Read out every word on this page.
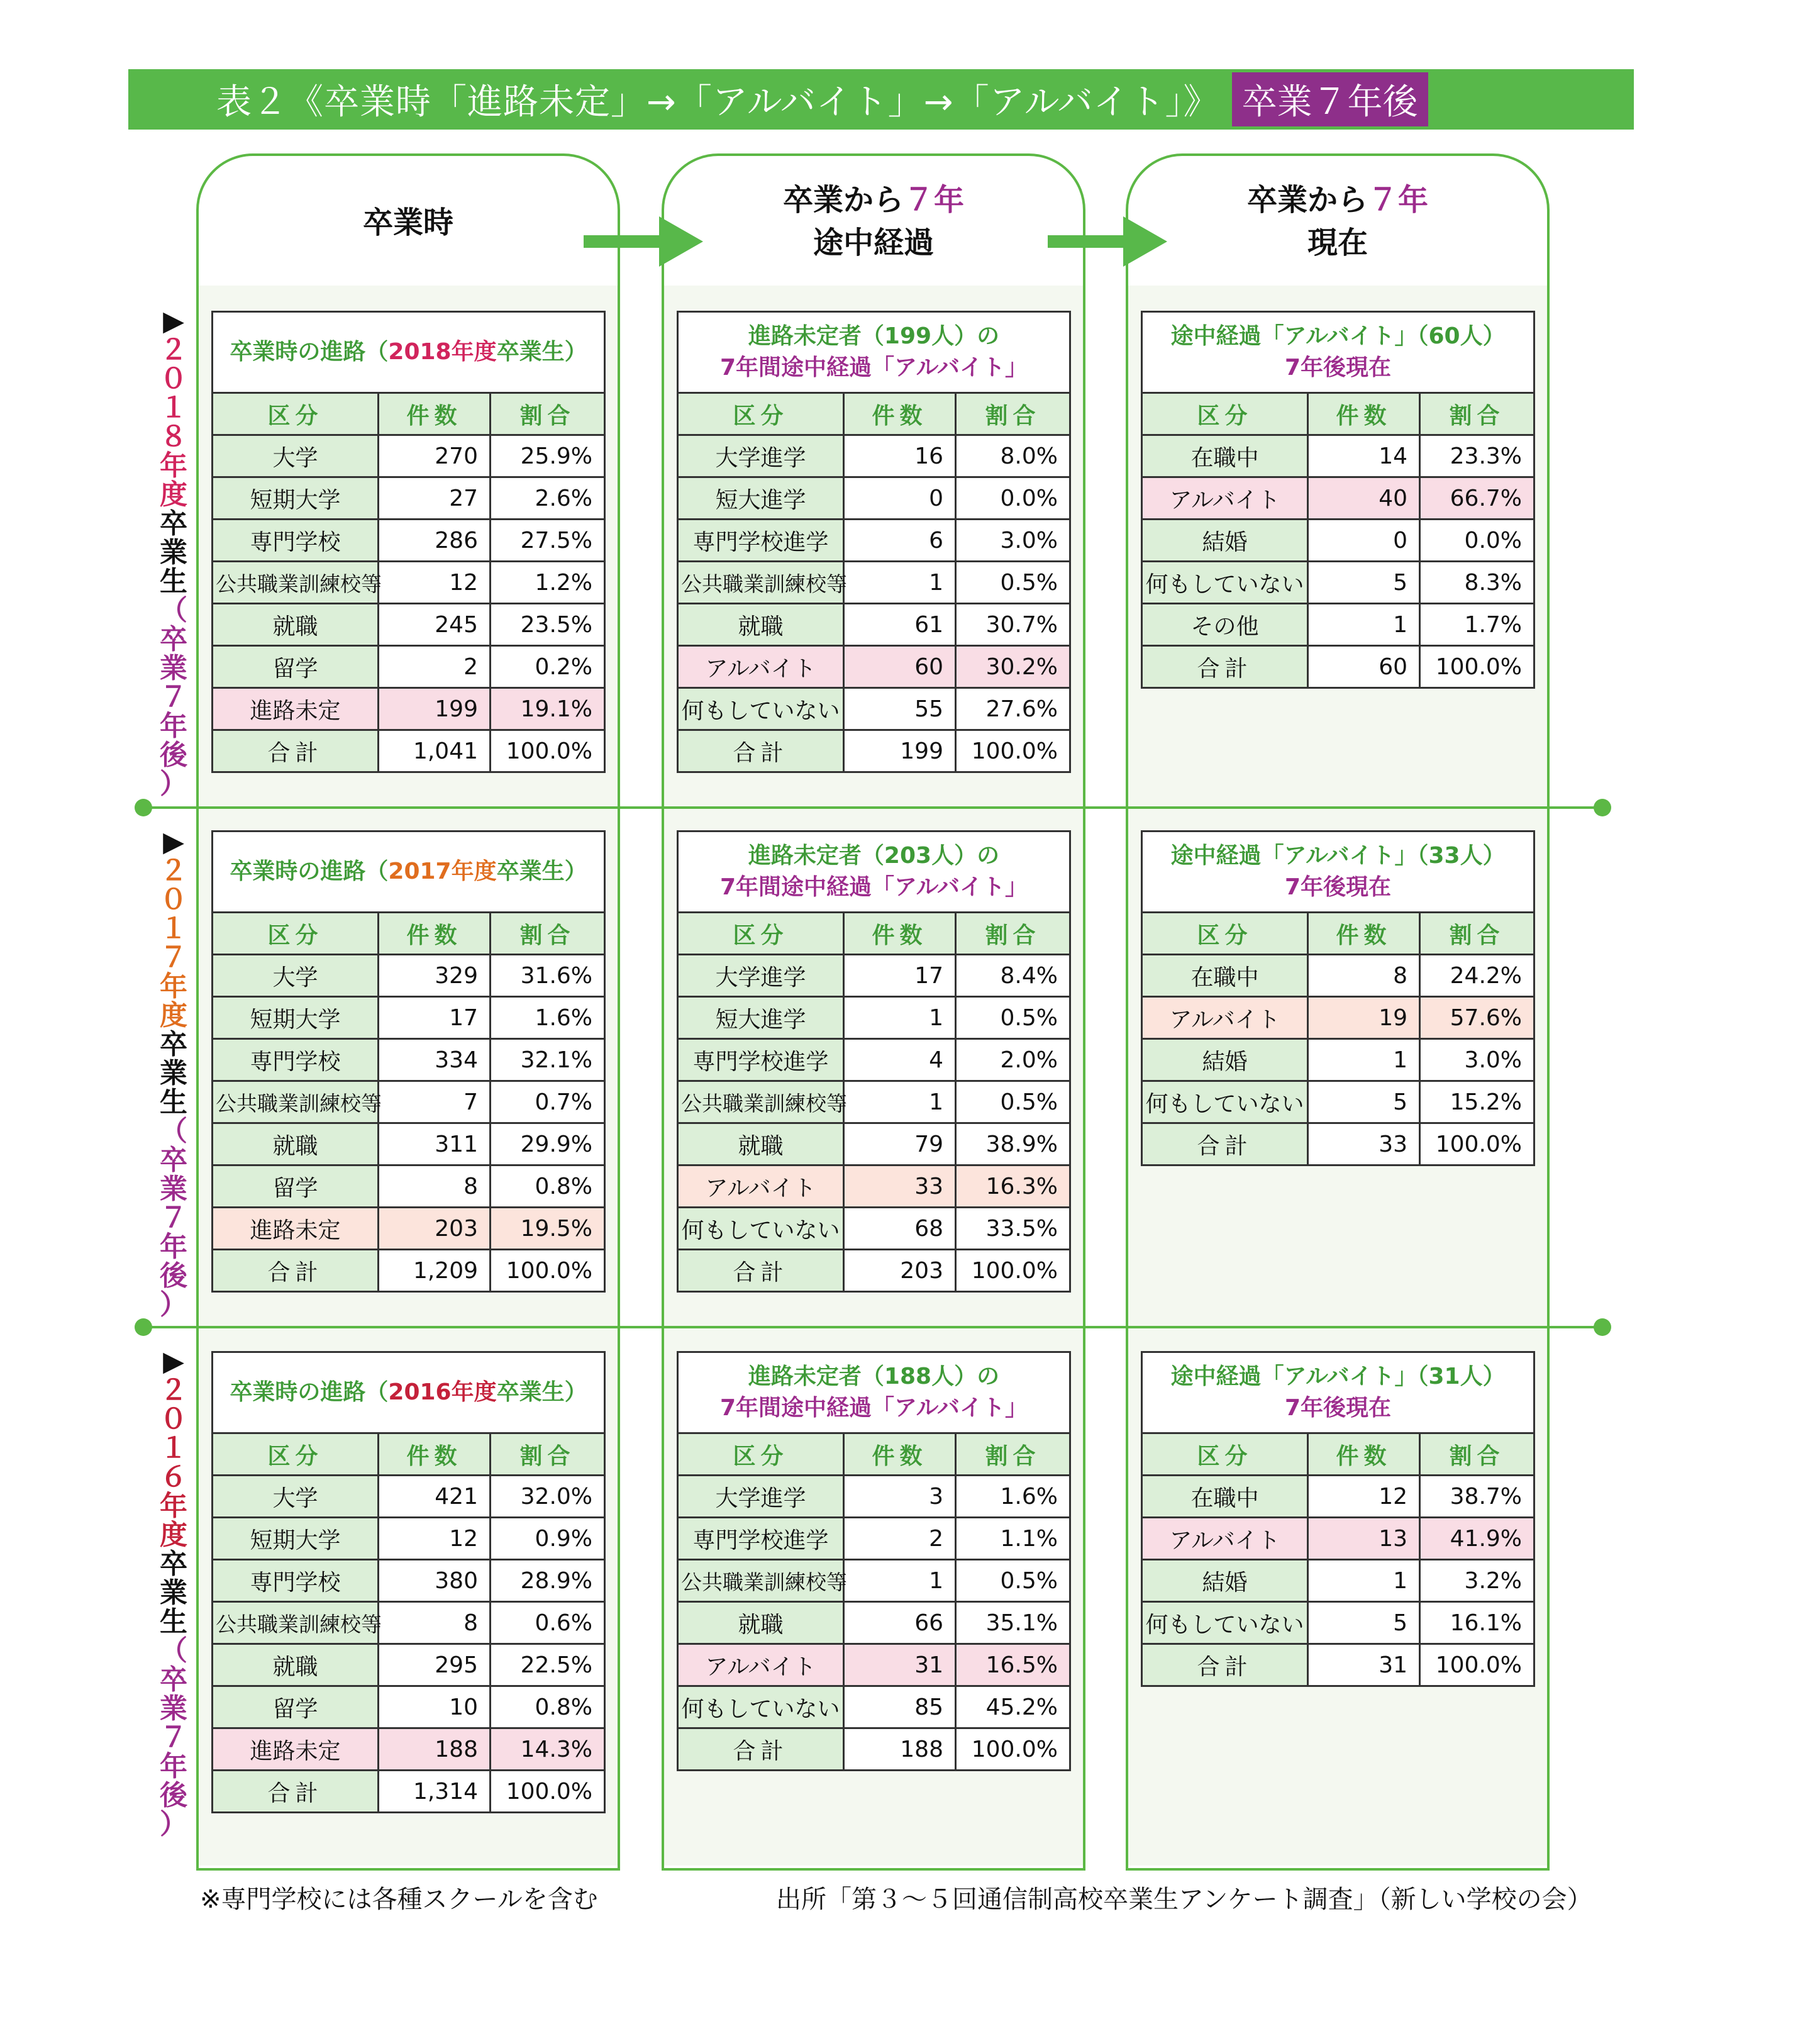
表２《卒業時「進路未定」→「アルバイト」→「アルバイト」》 卒業７年後
卒業時
卒業から７年
途中経過
卒業から７年
現在
▶
２
０
１
８
年
度
卒
業
生
（
卒
業
７
年
後
）
▶
２
０
１
７
年
度
卒
業
生
（
卒
業
７
年
後
）
▶
２
０
１
６
年
度
卒
業
生
（
卒
業
７
年
後
）
卒業時の進路（2018年度卒業生）		
区分	件数	割合
大学	270	25.9%
短期大学	27	2.6%
専門学校	286	27.5%
公共職業訓練校等	12	1.2%
就職	245	23.5%
留学	2	0.2%
進路未定	199	19.1%
合計	1,041	100.0%
進路未定者（199人）の
7年間途中経過「アルバイト」		

区分	件数	割合
大学進学	16	8.0%
短大進学	0	0.0%
専門学校進学	6	3.0%
公共職業訓練校等	1	0.5%
就職	61	30.7%
アルバイト	60	30.2%
何もしていない	55	27.6%
合計	199	100.0%
途中経過「アルバイト」（60人）
7年後現在		

区分	件数	割合
在職中	14	23.3%
アルバイト	40	66.7%
結婚	0	0.0%
何もしていない	5	8.3%
その他	1	1.7%
合計	60	100.0%
卒業時の進路（2017年度卒業生）		
区分	件数	割合
大学	329	31.6%
短期大学	17	1.6%
専門学校	334	32.1%
公共職業訓練校等	7	0.7%
就職	311	29.9%
留学	8	0.8%
進路未定	203	19.5%
合計	1,209	100.0%
進路未定者（203人）の
7年間途中経過「アルバイト」		

区分	件数	割合
大学進学	17	8.4%
短大進学	1	0.5%
専門学校進学	4	2.0%
公共職業訓練校等	1	0.5%
就職	79	38.9%
アルバイト	33	16.3%
何もしていない	68	33.5%
合計	203	100.0%
途中経過「アルバイト」（33人）
7年後現在		

区分	件数	割合
在職中	8	24.2%
アルバイト	19	57.6%
結婚	1	3.0%
何もしていない	5	15.2%
合計	33	100.0%
卒業時の進路（2016年度卒業生）		
区分	件数	割合
大学	421	32.0%
短期大学	12	0.9%
専門学校	380	28.9%
公共職業訓練校等	8	0.6%
就職	295	22.5%
留学	10	0.8%
進路未定	188	14.3%
合計	1,314	100.0%
進路未定者（188人）の
7年間途中経過「アルバイト」		

区分	件数	割合
大学進学	3	1.6%
専門学校進学	2	1.1%
公共職業訓練校等	1	0.5%
就職	66	35.1%
アルバイト	31	16.5%
何もしていない	85	45.2%
合計	188	100.0%
途中経過「アルバイト」（31人）
7年後現在		

区分	件数	割合
在職中	12	38.7%
アルバイト	13	41.9%
結婚	1	3.2%
何もしていない	5	16.1%
合計	31	100.0%
※専門学校には各種スクールを含む	出所「第３〜５回通信制高校卒業生アンケート調査」（新しい学校の会）
